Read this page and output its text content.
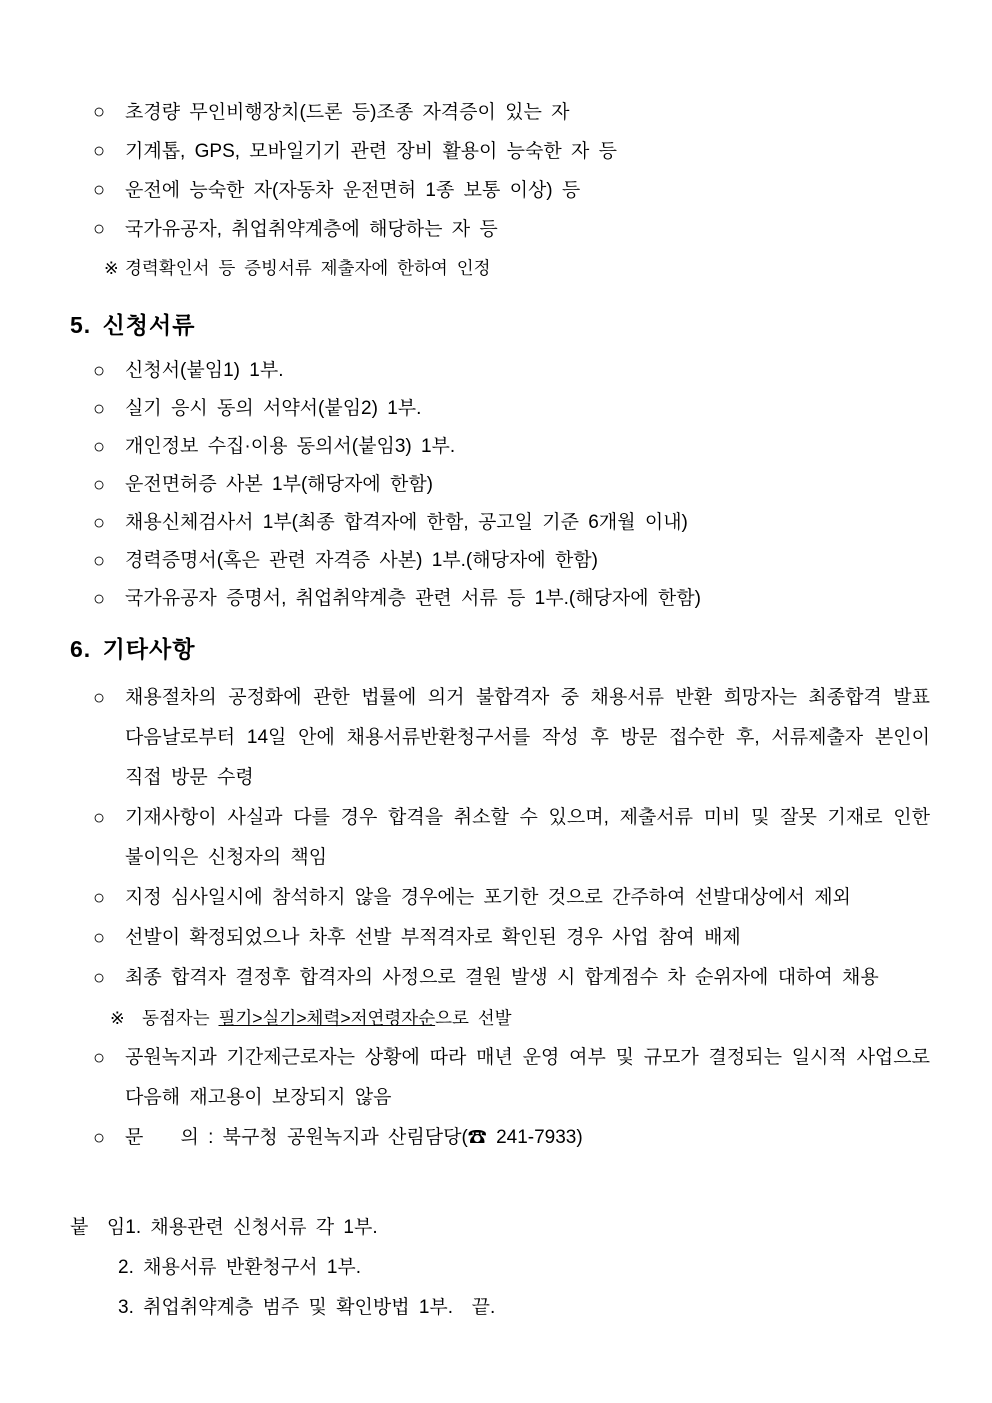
○	초경량 무인비행장치(드론 등)조종 자격증이 있는 자
○	기계톱, GPS, 모바일기기 관련 장비 활용이 능숙한 자 등
○	운전에 능숙한 자(자동차 운전면허 1종 보통 이상) 등
○	국가유공자, 취업취약계층에 해당하는 자 등
※ 경력확인서 등 증빙서류 제출자에 한하여 인정
5. 신청서류
○	신청서(붙임1) 1부.
○	실기 응시 동의 서약서(붙임2) 1부.
○	개인정보 수집·이용 동의서(붙임3) 1부.
○	운전면허증 사본 1부(해당자에 한함)
○	채용신체검사서 1부(최종 합격자에 한함, 공고일 기준 6개월 이내)
○	경력증명서(혹은 관련 자격증 사본) 1부.(해당자에 한함)
○	국가유공자 증명서, 취업취약계층 관련 서류 등 1부.(해당자에 한함)
6. 기타사항
○	채용절차의 공정화에 관한 법률에 의거 불합격자 중 채용서류 반환 희망자는 최종합격 발표 다음날로부터 14일 안에 채용서류반환청구서를 작성 후 방문 접수한 후, 서류제출자 본인이 직접 방문 수령
○	기재사항이 사실과 다를 경우 합격을 취소할 수 있으며, 제출서류 미비 및 잘못 기재로 인한 불이익은 신청자의 책임
○	지정 심사일시에 참석하지 않을 경우에는 포기한 것으로 간주하여 선발대상에서 제외
○	선발이 확정되었으나 차후 선발 부적격자로 확인된 경우 사업 참여 배제
○	최종 합격자 결정후 합격자의 사정으로 결원 발생 시 합계점수 차 순위자에 대하여 채용
※ 동점자는 필기>실기>체력>저연령자순으로 선발
○	공원녹지과 기간제근로자는 상황에 따라 매년 운영 여부 및 규모가 결정되는 일시적 사업으로 다음해 재고용이 보장되지 않음
○	문    의 : 북구청 공원녹지과 산림담당(☎ 241-7933)
붙  임 1. 채용관련 신청서류 각 1부.
2. 채용서류 반환청구서 1부.
3. 취업취약계층 범주 및 확인방법 1부.  끝.
